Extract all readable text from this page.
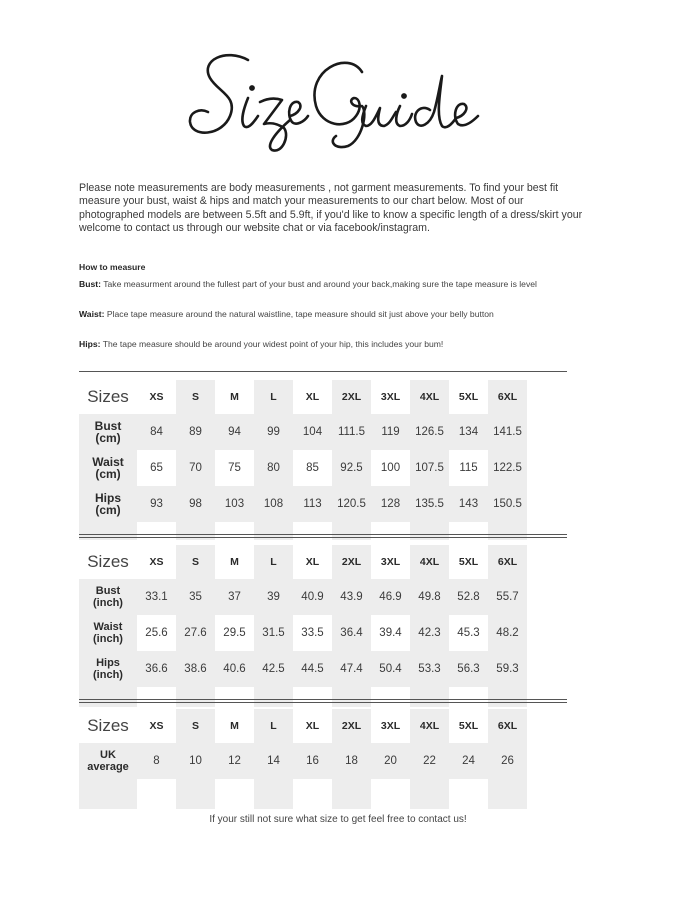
Size Guide

Please note measurements are body measurements , not garment measurements. To find your best fit measure your bust, waist & hips and match your measurements to our chart below. Most of our photographed models are between 5.5ft and 5.9ft, if you'd like to know a specific length of a dress/skirt your welcome to contact us through our website chat or via facebook/instagram.

How to measure
Bust: Take measurment around the fullest part of your bust and around your back,making sure the tape measure is level
Waist: Place tape measure around the natural waistline, tape measure should sit just above your belly button
Hips: The tape measure should be around your widest point of your hip, this includes your bum!
Sizes	XS	S	M	L	XL	2XL	3XL	4XL	5XL	6XL

Bust
(cm)	84	89	94	99	104	111.5	119	126.5	134	141.5

Waist
(cm)	65	70	75	80	85	92.5	100	107.5	115	122.5

Hips
(cm)	93	98	103	108	113	120.5	128	135.5	143	150.5

Sizes	XS	S	M	L	XL	2XL	3XL	4XL	5XL	6XL

Bust
(inch)	33.1	35	37	39	40.9	43.9	46.9	49.8	52.8	55.7

Waist
(inch)	25.6	27.6	29.5	31.5	33.5	36.4	39.4	42.3	45.3	48.2

Hips
(inch)	36.6	38.6	40.6	42.5	44.5	47.4	50.4	53.3	56.3	59.3

Sizes	XS	S	M	L	XL	2XL	3XL	4XL	5XL	6XL

UK
average	8	10	12	14	16	18	20	22	24	26

If your still not sure what size to get feel free to contact us!
